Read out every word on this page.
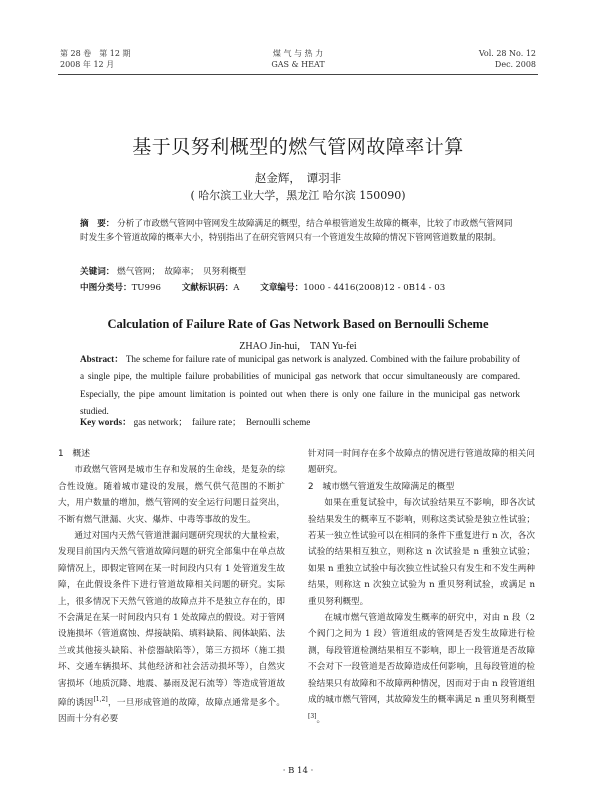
第 28 卷　第 12 期
2008 年 12 月
煤 气 与 热 力
GAS & HEAT
Vol. 28 No. 12
Dec. 2008
基于贝努利概型的燃气管网故障率计算
赵金辉，　谭羽非
( 哈尔滨工业大学，黑龙江 哈尔滨 150090)
摘　要： 分析了市政燃气管网中管网发生故障满足的概型，结合单根管道发生故障的概率，比较了市政燃气管网同时发生多个管道故障的概率大小，特别指出了在研究管网只有一个管道发生故障的情况下管网管道数量的限制。
关键词： 燃气管网；　故障率；　贝努利概型
中图分类号：TU996 文献标识码：A 文章编号：1000 - 4416(2008)12 - 0B14 - 03
Calculation of Failure Rate of Gas Network Based on Bernoulli Scheme
ZHAO Jin-hui,　TAN Yu-fei
Abstract： The scheme for failure rate of municipal gas network is analyzed. Combined with the failure probability of a single pipe, the multiple failure probabilities of municipal gas network that occur simultaneously are compared. Especially, the pipe amount limitation is pointed out when there is only one failure in the municipal gas network studied.
Key words： gas network；　failure rate；　Bernoulli scheme
1　概述

市政燃气管网是城市生存和发展的生命线，是复杂的综合性设施。随着城市建设的发展，燃气供气范围的不断扩大，用户数量的增加，燃气管网的安全运行问题日益突出，不断有燃气泄漏、火灾、爆炸、中毒等事故的发生。

通过对国内天然气管道泄漏问题研究现状的大量检索，发现目前国内天然气管道故障问题的研究全部集中在单点故障情况上，即假定管网在某一时间段内只有 1 处管道发生故障，在此假设条件下进行管道故障相关问题的研究。实际上，很多情况下天然气管道的故障点并不是独立存在的，即不会满足在某一时间段内只有 1 处故障点的假设。对于管网设施损坏（管道腐蚀、焊接缺陷、填料缺陷、阀体缺陷、法兰或其他接头缺陷、补偿器缺陷等），第三方损坏（施工损坏、交通车辆损坏、其他经济和社会活动损坏等），自然灾害损坏（地质沉降、地震、暴雨及泥石流等）等造成管道故障的诱因[1,2]，一旦形成管道的故障，故障点通常是多个。因而十分有必要

针对同一时间存在多个故障点的情况进行管道故障的相关问题研究。
2　城市燃气管道发生故障满足的概型

如果在重复试验中，每次试验结果互不影响，即各次试验结果发生的概率互不影响，则称这类试验是独立性试验；若某一独立性试验可以在相同的条件下重复进行 n 次，各次试验的结果相互独立，则称这 n 次试验是 n 重独立试验；如果 n 重独立试验中每次独立性试验只有发生和不发生两种结果，则称这 n 次独立试验为 n 重贝努利试验，或满足 n 重贝努利概型。

在城市燃气管道故障发生概率的研究中，对由 n 段（2 个阀门之间为 1 段）管道组成的管网是否发生故障进行检测，每段管道检测结果相互不影响，即上一段管道是否故障不会对下一段管道是否故障造成任何影响，且每段管道的检验结果只有故障和不故障两种情况，因而对于由 n 段管道组成的城市燃气管网，其故障发生的概率满足 n 重贝努利概型[3]。

· B 14 ·
